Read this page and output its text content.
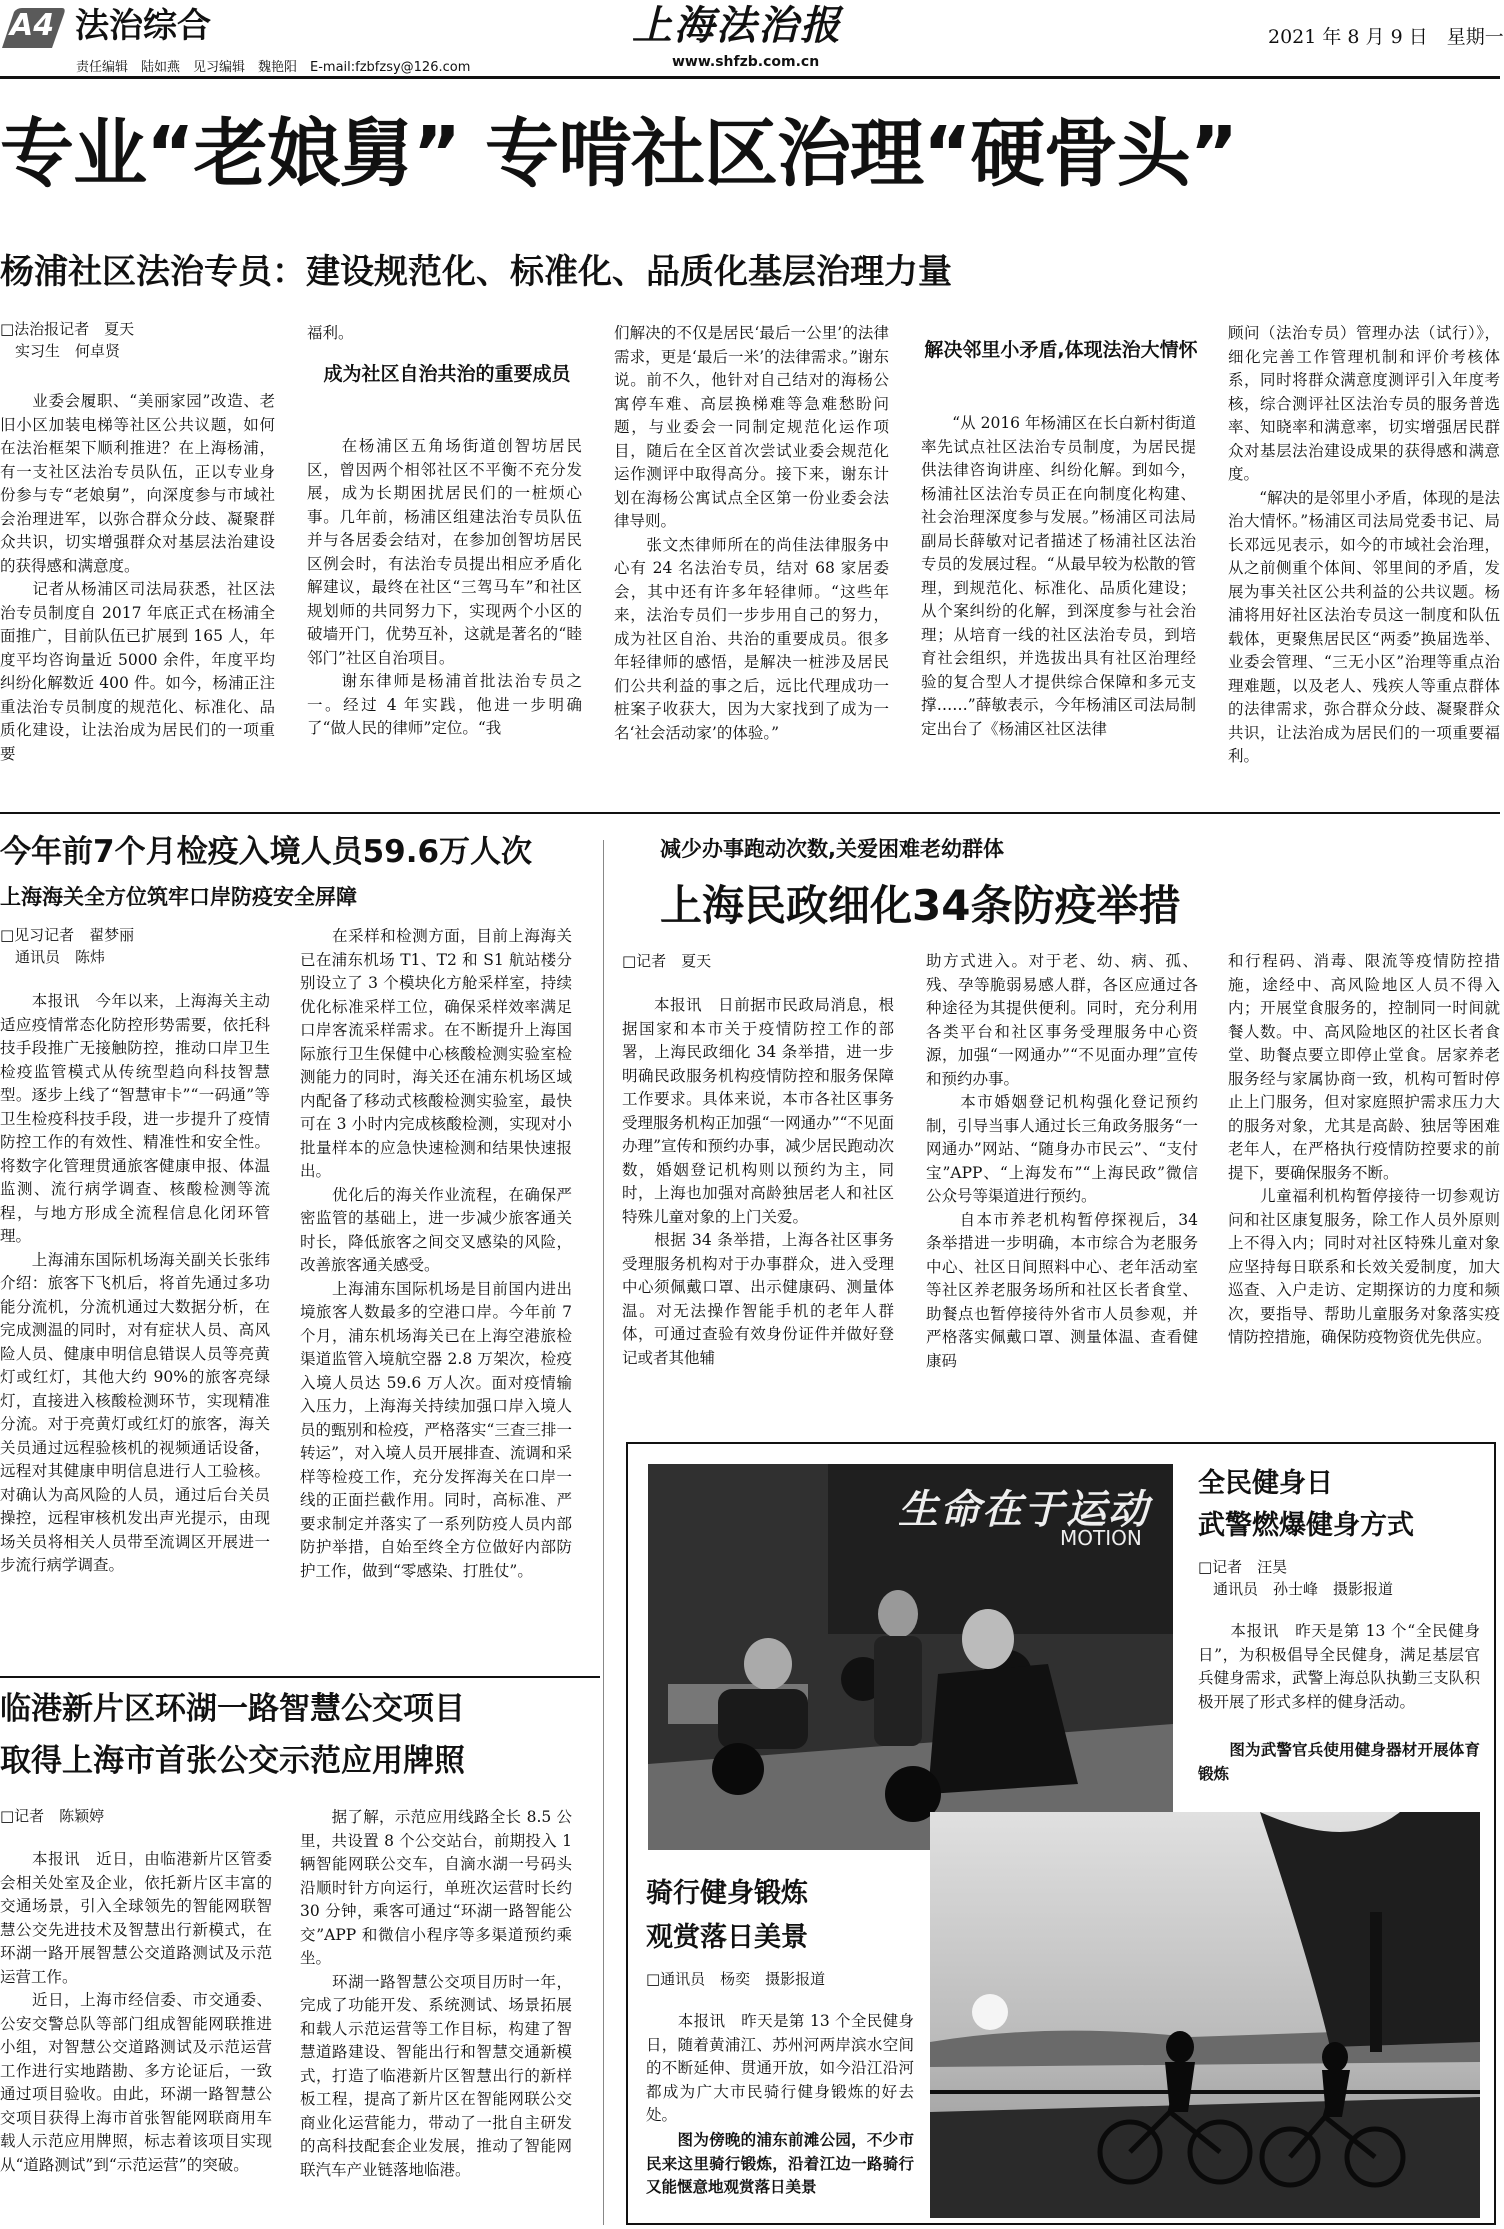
A4 法治综合
责任编辑　陆如燕　见习编辑　魏艳阳　E-mail:fzbfzsy@126.com
上海法治报
www.shfzb.com.cn
2021 年 8 月 9 日　星期一
专业“老娘舅” 专啃社区治理“硬骨头”
杨浦社区法治专员：建设规范化、标准化、品质化基层治理力量
□法治报记者　夏天
　实习生　何卓贤
　　业委会履职、“美丽家园”改造、老旧小区加装电梯等社区公共议题，如何在法治框架下顺利推进？在上海杨浦，有一支社区法治专员队伍，正以专业身份参与专“老娘舅”，向深度参与市域社会治理进军，以弥合群众分歧、凝聚群众共识，切实增强群众对基层法治建设的获得感和满意度。
　　记者从杨浦区司法局获悉，社区法治专员制度自 2017 年底正式在杨浦全面推广，目前队伍已扩展到 165 人，年度平均咨询量近 5000 余件，年度平均纠纷化解数近 400 件。如今，杨浦正注重法治专员制度的规范化、标准化、品质化建设，让法治成为居民们的一项重要
福利。
成为社区自治共治的重要成员
　　在杨浦区五角场街道创智坊居民区，曾因两个相邻社区不平衡不充分发展，成为长期困扰居民们的一桩烦心事。几年前，杨浦区组建法治专员队伍并与各居委会结对，在参加创智坊居民区例会时，有法治专员提出相应矛盾化解建议，最终在社区“三驾马车”和社区规划师的共同努力下，实现两个小区的破墙开门，优势互补，这就是著名的“睦邻门”社区自治项目。
　　谢东律师是杨浦首批法治专员之一。经过 4 年实践，他进一步明确了“做人民的律师”定位。“我
们解决的不仅是居民‘最后一公里’的法律需求，更是‘最后一米’的法律需求。”谢东说。前不久，他针对自己结对的海杨公寓停车难、高层换梯难等急难愁盼问题，与业委会一同制定规范化运作项目，随后在全区首次尝试业委会规范化运作测评中取得高分。接下来，谢东计划在海杨公寓试点全区第一份业委会法律导则。
　　张文杰律师所在的尚佳法律服务中心有 24 名法治专员，结对 68 家居委会，其中还有许多年轻律师。“这些年来，法治专员们一步步用自己的努力，成为社区自治、共治的重要成员。很多年轻律师的感悟，是解决一桩涉及居民们公共利益的事之后，远比代理成功一桩案子收获大，因为大家找到了成为一名‘社会活动家’的体验。”
解决邻里小矛盾,体现法治大情怀
　　“从 2016 年杨浦区在长白新村街道率先试点社区法治专员制度，为居民提供法律咨询讲座、纠纷化解。到如今，杨浦社区法治专员正在向制度化构建、社会治理深度参与发展。”杨浦区司法局副局长薛敏对记者描述了杨浦社区法治专员的发展过程。“从最早较为松散的管理，到规范化、标准化、品质化建设；从个案纠纷的化解，到深度参与社会治理；从培育一线的社区法治专员，到培育社会组织，并选拔出具有社区治理经验的复合型人才提供综合保障和多元支撑……”薛敏表示，今年杨浦区司法局制定出台了《杨浦区社区法律
顾问（法治专员）管理办法（试行）》，细化完善工作管理机制和评价考核体系，同时将群众满意度测评引入年度考核，综合测评社区法治专员的服务普选率、知晓率和满意率，切实增强居民群众对基层法治建设成果的获得感和满意度。
　　“解决的是邻里小矛盾，体现的是法治大情怀。”杨浦区司法局党委书记、局长邓远见表示，如今的市域社会治理，从之前侧重个体间、邻里间的矛盾，发展为事关社区公共利益的公共议题。杨浦将用好社区法治专员这一制度和队伍载体，更聚焦居民区“两委”换届选举、业委会管理、“三无小区”治理等重点治理难题，以及老人、残疾人等重点群体的法律需求，弥合群众分歧、凝聚群众共识，让法治成为居民们的一项重要福利。
今年前7个月检疫入境人员59.6万人次
上海海关全方位筑牢口岸防疫安全屏障
□见习记者　翟梦丽
　通讯员　陈炜
　　本报讯　今年以来，上海海关主动适应疫情常态化防控形势需要，依托科技手段推广无接触防控，推动口岸卫生检疫监管模式从传统型趋向科技智慧型。逐步上线了“智慧审卡”“一码通”等卫生检疫科技手段，进一步提升了疫情防控工作的有效性、精准性和安全性。将数字化管理贯通旅客健康申报、体温监测、流行病学调查、核酸检测等流程，与地方形成全流程信息化闭环管理。
　　上海浦东国际机场海关副关长张纬介绍：旅客下飞机后，将首先通过多功能分流机，分流机通过大数据分析，在完成测温的同时，对有症状人员、高风险人员、健康申明信息错误人员等亮黄灯或红灯，其他大约 90%的旅客亮绿灯，直接进入核酸检测环节，实现精准分流。对于亮黄灯或红灯的旅客，海关关员通过远程验核机的视频通话设备，远程对其健康申明信息进行人工验核。对确认为高风险的人员，通过后台关员操控，远程审核机发出声光提示，由现场关员将相关人员带至流调区开展进一步流行病学调查。
　　在采样和检测方面，目前上海海关已在浦东机场 T1、T2 和 S1 航站楼分别设立了 3 个模块化方舱采样室，持续优化标准采样工位，确保采样效率满足口岸客流采样需求。在不断提升上海国际旅行卫生保健中心核酸检测实验室检测能力的同时，海关还在浦东机场区域内配备了移动式核酸检测实验室，最快可在 3 小时内完成核酸检测，实现对小批量样本的应急快速检测和结果快速报出。
　　优化后的海关作业流程，在确保严密监管的基础上，进一步减少旅客通关时长，降低旅客之间交叉感染的风险，改善旅客通关感受。
　　上海浦东国际机场是目前国内进出境旅客人数最多的空港口岸。今年前 7 个月，浦东机场海关已在上海空港旅检渠道监管入境航空器 2.8 万架次，检疫入境人员达 59.6 万人次。面对疫情输入压力，上海海关持续加强口岸入境人员的甄别和检疫，严格落实“三查三排一转运”，对入境人员开展排查、流调和采样等检疫工作，充分发挥海关在口岸一线的正面拦截作用。同时，高标准、严要求制定并落实了一系列防疫人员内部防护举措，自始至终全方位做好内部防护工作，做到“零感染、打胜仗”。
临港新片区环湖一路智慧公交项目
取得上海市首张公交示范应用牌照
□记者　陈颖婷
　　本报讯　近日，由临港新片区管委会相关处室及企业，依托新片区丰富的交通场景，引入全球领先的智能网联智慧公交先进技术及智慧出行新模式，在环湖一路开展智慧公交道路测试及示范运营工作。
　　近日，上海市经信委、市交通委、公安交警总队等部门组成智能网联推进小组，对智慧公交道路测试及示范运营工作进行实地踏勘、多方论证后，一致通过项目验收。由此，环湖一路智慧公交项目获得上海市首张智能网联商用车载人示范应用牌照，标志着该项目实现从“道路测试”到“示范运营”的突破。
　　据了解，示范应用线路全长 8.5 公里，共设置 8 个公交站台，前期投入 1 辆智能网联公交车，自滴水湖一号码头沿顺时针方向运行，单班次运营时长约 30 分钟，乘客可通过“环湖一路智能公交”APP 和微信小程序等多渠道预约乘坐。
　　环湖一路智慧公交项目历时一年，完成了功能开发、系统测试、场景拓展和载人示范运营等工作目标，构建了智慧道路建设、智能出行和智慧交通新模式，打造了临港新片区智慧出行的新样板工程，提高了新片区在智能网联公交商业化运营能力，带动了一批自主研发的高科技配套企业发展，推动了智能网联汽车产业链落地临港。
减少办事跑动次数,关爱困难老幼群体
上海民政细化34条防疫举措
□记者　夏天
　　本报讯　日前据市民政局消息，根据国家和本市关于疫情防控工作的部署，上海民政细化 34 条举措，进一步明确民政服务机构疫情防控和服务保障工作要求。具体来说，本市各社区事务受理服务机构正加强“一网通办”“不见面办理”宣传和预约办事，减少居民跑动次数，婚姻登记机构则以预约为主，同时，上海也加强对高龄独居老人和社区特殊儿童对象的上门关爱。
　　根据 34 条举措，上海各社区事务受理服务机构对于办事群众，进入受理中心须佩戴口罩、出示健康码、测量体温。对无法操作智能手机的老年人群体，可通过查验有效身份证件并做好登记或者其他辅
助方式进入。对于老、幼、病、孤、残、孕等脆弱易感人群，各区应通过各种途径为其提供便利。同时，充分利用各类平台和社区事务受理服务中心资源，加强“一网通办”“不见面办理”宣传和预约办事。
　　本市婚姻登记机构强化登记预约制，引导当事人通过长三角政务服务“一网通办”网站、“随身办市民云”、“支付宝”APP、“上海发布”“上海民政”微信公众号等渠道进行预约。
　　自本市养老机构暂停探视后，34 条举措进一步明确，本市综合为老服务中心、社区日间照料中心、老年活动室等社区养老服务场所和社区长者食堂、助餐点也暂停接待外省市人员参观，并严格落实佩戴口罩、测量体温、查看健康码
和行程码、消毒、限流等疫情防控措施，途经中、高风险地区人员不得入内；开展堂食服务的，控制同一时间就餐人数。中、高风险地区的社区长者食堂、助餐点要立即停止堂食。居家养老服务经与家属协商一致，机构可暂时停止上门服务，但对家庭照护需求压力大的服务对象，尤其是高龄、独居等困难老年人，在严格执行疫情防控要求的前提下，要确保服务不断。
　　儿童福利机构暂停接待一切参观访问和社区康复服务，除工作人员外原则上不得入内；同时对社区特殊儿童对象应坚持每日联系和长效关爱制度，加大巡查、入户走访、定期探访的力度和频次，要指导、帮助儿童服务对象落实疫情防控措施，确保防疫物资优先供应。
生命在于运动
MOTION
全民健身日
武警燃爆健身方式
□记者　汪昊
　通讯员　孙士峰　摄影报道
　　本报讯　昨天是第 13 个“全民健身日”，为积极倡导全民健身，满足基层官兵健身需求，武警上海总队执勤三支队积极开展了形式多样的健身活动。
　　图为武警官兵使用健身器材开展体育锻炼
骑行健身锻炼
观赏落日美景
□通讯员　杨奕　摄影报道
　　本报讯　昨天是第 13 个全民健身日，随着黄浦江、苏州河两岸滨水空间的不断延伸、贯通开放，如今沿江沿河都成为广大市民骑行健身锻炼的好去处。
　　图为傍晚的浦东前滩公园，不少市民来这里骑行锻炼，沿着江边一路骑行又能惬意地观赏落日美景
